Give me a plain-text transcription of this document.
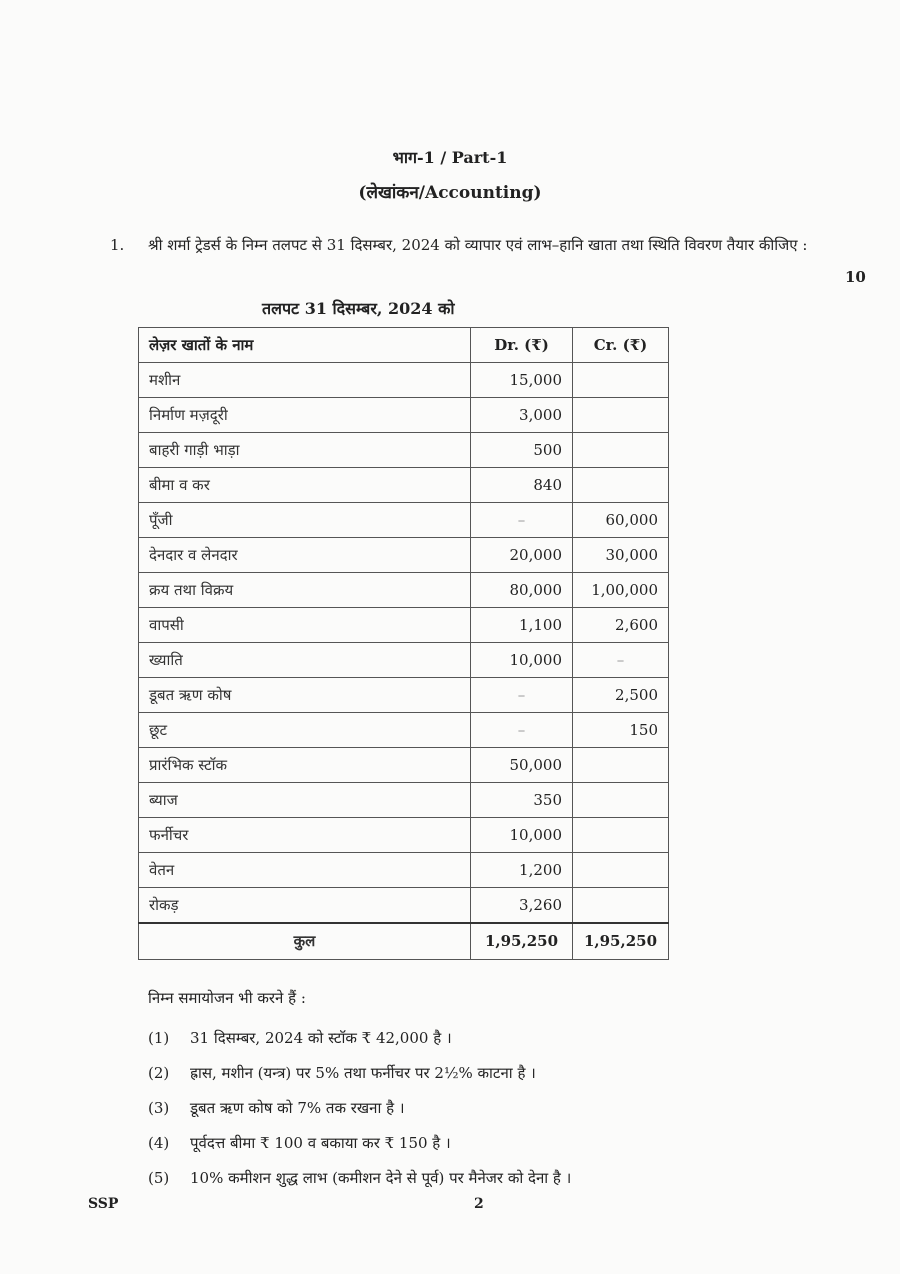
भाग-1 / Part-1
(लेखांकन/Accounting)
1. श्री शर्मा ट्रेडर्स के निम्न तलपट से 31 दिसम्बर, 2024 को व्यापार एवं लाभ–हानि खाता तथा स्थिति विवरण तैयार कीजिए :
10
तलपट 31 दिसम्बर, 2024 को
लेज़र खातों के नाम	Dr. (₹)	Cr. (₹)
मशीन	15,000	
निर्माण मज़दूरी	3,000	
बाहरी गाड़ी भाड़ा	500	
बीमा व कर	840	
पूँजी	–	60,000
देनदार व लेनदार	20,000	30,000
क्रय तथा विक्रय	80,000	1,00,000
वापसी	1,100	2,600
ख्याति	10,000	–
डूबत ऋण कोष	–	2,500
छूट	–	150
प्रारंभिक स्टॉक	50,000	
ब्याज	350	
फर्नीचर	10,000	
वेतन	1,200	
रोकड़	3,260	
कुल	1,95,250	1,95,250
निम्न समायोजन भी करने हैं :
(1)	31 दिसम्बर, 2024 को स्टॉक ₹ 42,000 है ।
(2)	ह्रास, मशीन (यन्त्र) पर 5% तथा फर्नीचर पर 2½% काटना है ।
(3)	डूबत ऋण कोष को 7% तक रखना है ।
(4)	पूर्वदत्त बीमा ₹ 100 व बकाया कर ₹ 150 है ।
(5)	10% कमीशन शुद्ध लाभ (कमीशन देने से पूर्व) पर मैनेजर को देना है ।
SSP	2
